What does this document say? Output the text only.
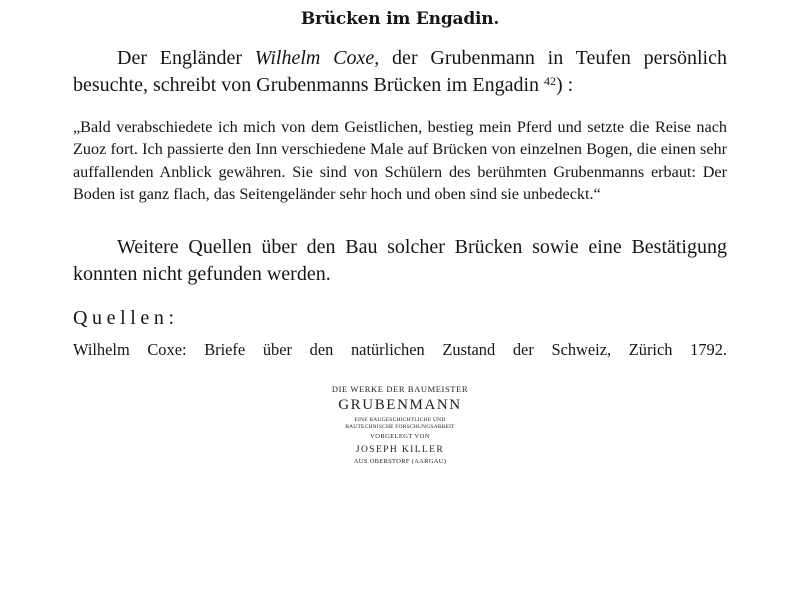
Brücken im Engadin.

Der Engländer Wilhelm Coxe, der Grubenmann in Teufen persönlich besuchte, schreibt von Grubenmanns Brücken im Engadin $^{42}$) :

„Bald verabschiedete ich mich von dem Geistlichen, bestieg mein Pferd und setzte die Reise nach Zuoz fort. Ich passierte den Inn verschiedene Male auf Brücken von einzelnen Bogen, die einen sehr auffallenden Anblick gewähren. Sie sind von Schülern des berühmten Grubenmanns erbaut: Der Boden ist ganz flach, das Seitengeländer sehr hoch und oben sind sie unbedeckt.“

Weitere Quellen über den Bau solcher Brücken sowie eine Bestätigung konnten nicht gefunden werden.

Quellen:
Wilhelm Coxe: Briefe über den natürlichen Zustand der Schweiz, Zürich 1792.
DIE WERKE DER BAUMEISTER
GRUBENMANN
EINE BAUGESCHICHTLICHE UND BAUTECHNISCHE FORSCHUNGSARBEIT
VORGELEGT VON
JOSEPH KILLER
AUS OBERSTORF (AARGAU)
